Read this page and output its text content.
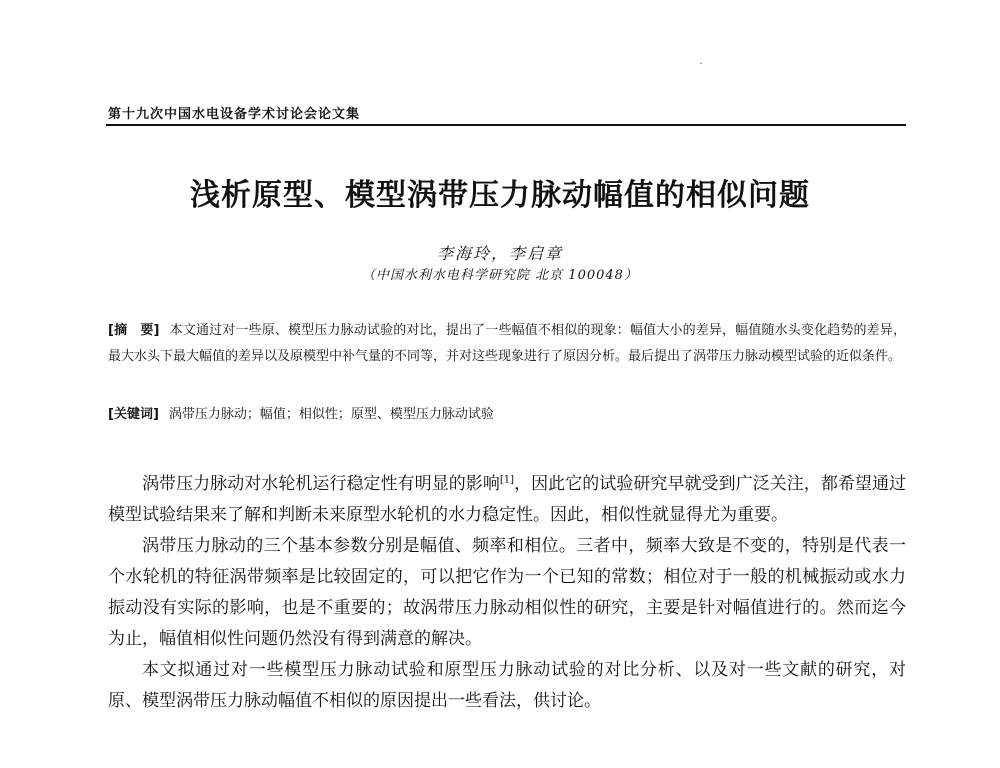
第十九次中国水电设备学术讨论会论文集
浅析原型、模型涡带压力脉动幅值的相似问题
李海玲，李启章
（中国水利水电科学研究院 北京 100048）
[摘　要] 本文通过对一些原、模型压力脉动试验的对比，提出了一些幅值不相似的现象：幅值大小的差异，幅值随水头变化趋势的差异，最大水头下最大幅值的差异以及原模型中补气量的不同等，并对这些现象进行了原因分析。最后提出了涡带压力脉动模型试验的近似条件。
[关键词] 涡带压力脉动；幅值；相似性；原型、模型压力脉动试验

涡带压力脉动对水轮机运行稳定性有明显的影响[1]，因此它的试验研究早就受到广泛关注，都希望通过模型试验结果来了解和判断未来原型水轮机的水力稳定性。因此，相似性就显得尤为重要。

涡带压力脉动的三个基本参数分别是幅值、频率和相位。三者中，频率大致是不变的，特别是代表一个水轮机的特征涡带频率是比较固定的，可以把它作为一个已知的常数；相位对于一般的机械振动或水力振动没有实际的影响，也是不重要的；故涡带压力脉动相似性的研究，主要是针对幅值进行的。然而迄今为止，幅值相似性问题仍然没有得到满意的解决。

本文拟通过对一些模型压力脉动试验和原型压力脉动试验的对比分析、以及对一些文献的研究，对原、模型涡带压力脉动幅值不相似的原因提出一些看法，供讨论。
